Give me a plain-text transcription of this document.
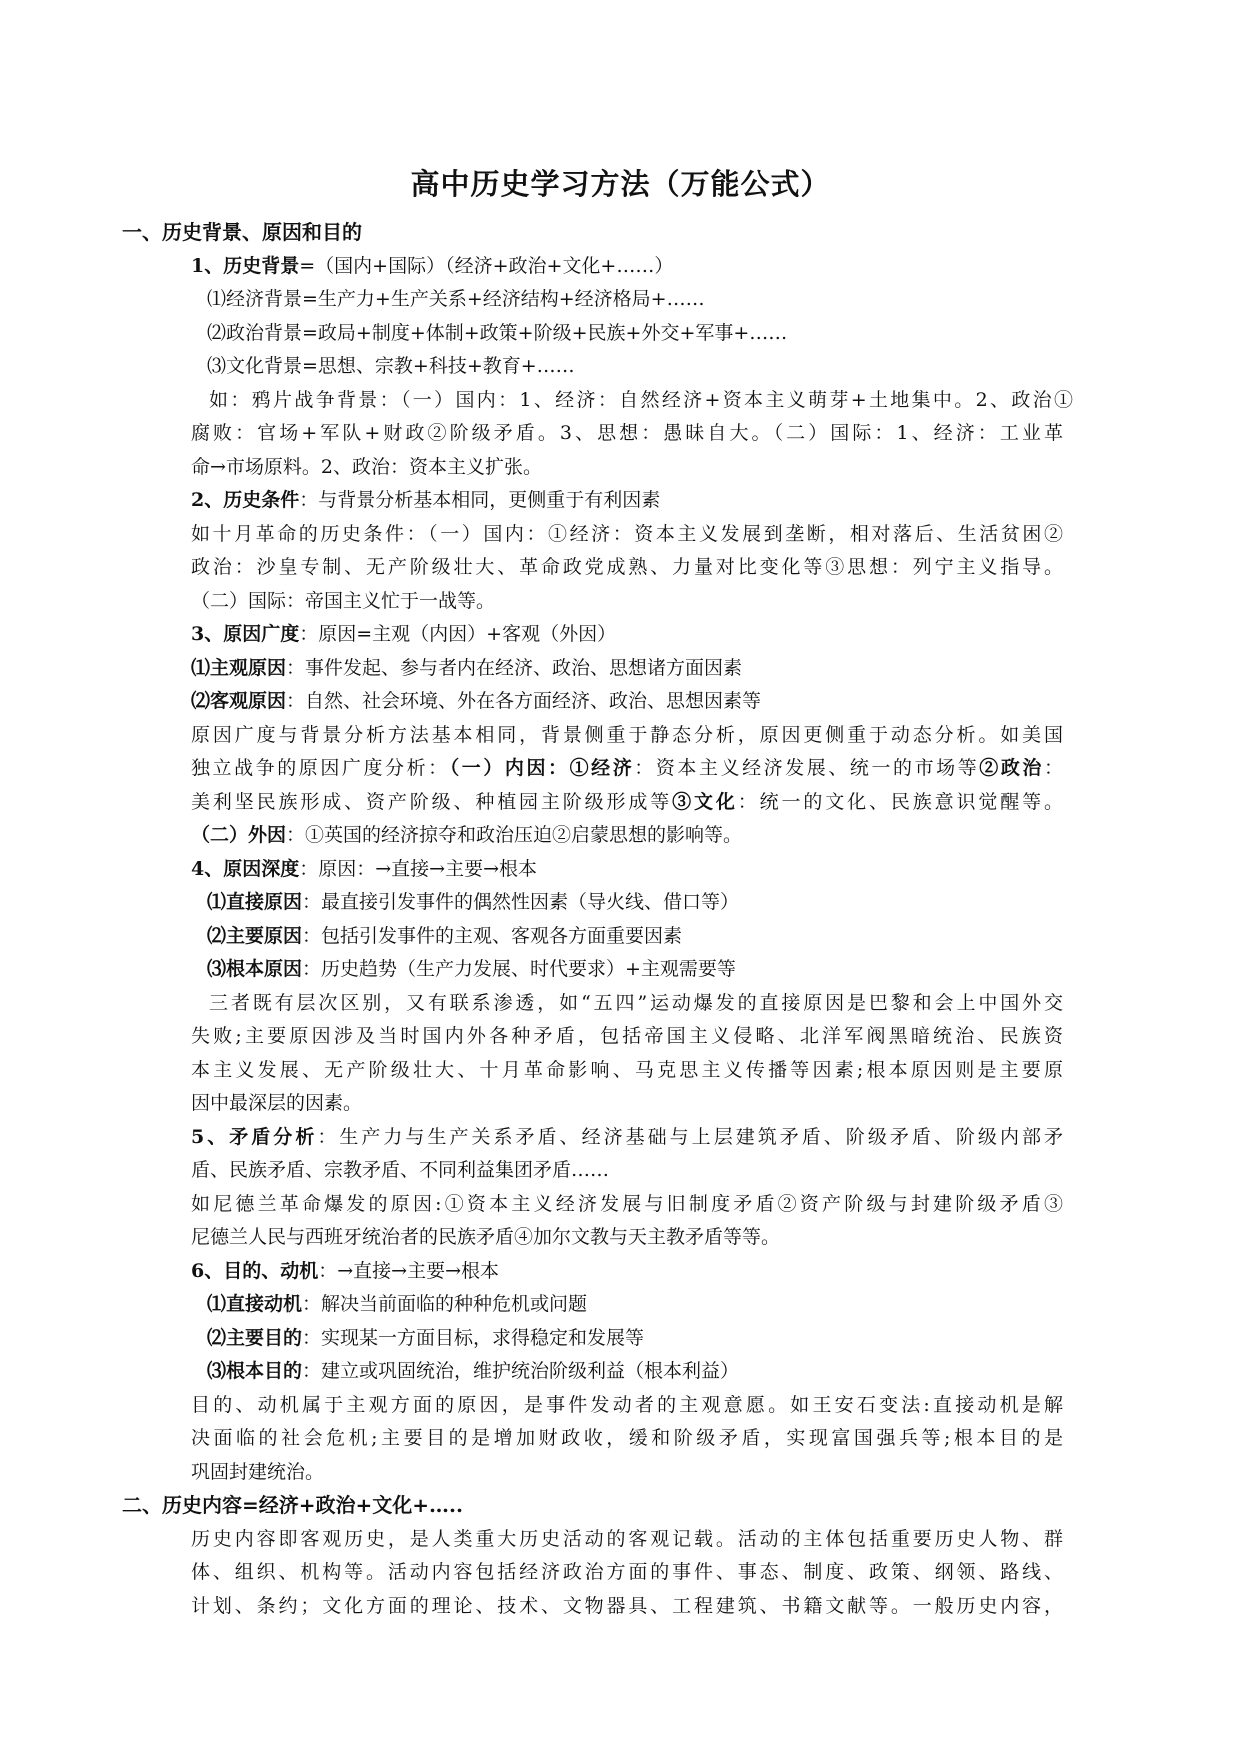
高中历史学习方法（万能公式）
一、历史背景、原因和目的
1、历史背景=（国内+国际）（经济+政治+文化+……）
⑴经济背景=生产力+生产关系+经济结构+经济格局+……
⑵政治背景=政局+制度+体制+政策+阶级+民族+外交+军事+……
⑶文化背景=思想、宗教+科技+教育+……
如：鸦片战争背景：（一）国内：1、经济：自然经济+资本主义萌芽+土地集中。2、政治①
腐败：官场+军队+财政②阶级矛盾。3、思想：愚昧自大。（二）国际：1、经济：工业革
命→市场原料。2、政治：资本主义扩张。
2、历史条件：与背景分析基本相同，更侧重于有利因素
如十月革命的历史条件：（一）国内：①经济：资本主义发展到垄断，相对落后、生活贫困②
政治：沙皇专制、无产阶级壮大、革命政党成熟、力量对比变化等③思想：列宁主义指导。
（二）国际：帝国主义忙于一战等。
3、原因广度：原因=主观（内因）+客观（外因）
⑴主观原因：事件发起、参与者内在经济、政治、思想诸方面因素
⑵客观原因：自然、社会环境、外在各方面经济、政治、思想因素等
原因广度与背景分析方法基本相同，背景侧重于静态分析，原因更侧重于动态分析。如美国
独立战争的原因广度分析：（一）内因：①经济：资本主义经济发展、统一的市场等②政治：
美利坚民族形成、资产阶级、种植园主阶级形成等③文化：统一的文化、民族意识觉醒等。
（二）外因：①英国的经济掠夺和政治压迫②启蒙思想的影响等。
4、原因深度：原因：→直接→主要→根本
⑴直接原因：最直接引发事件的偶然性因素（导火线、借口等）
⑵主要原因：包括引发事件的主观、客观各方面重要因素
⑶根本原因：历史趋势（生产力发展、时代要求）+主观需要等
三者既有层次区别，又有联系渗透，如“五四”运动爆发的直接原因是巴黎和会上中国外交
失败;主要原因涉及当时国内外各种矛盾，包括帝国主义侵略、北洋军阀黑暗统治、民族资
本主义发展、无产阶级壮大、十月革命影响、马克思主义传播等因素;根本原因则是主要原
因中最深层的因素。
5、矛盾分析：生产力与生产关系矛盾、经济基础与上层建筑矛盾、阶级矛盾、阶级内部矛
盾、民族矛盾、宗教矛盾、不同利益集团矛盾……
如尼德兰革命爆发的原因:①资本主义经济发展与旧制度矛盾②资产阶级与封建阶级矛盾③
尼德兰人民与西班牙统治者的民族矛盾④加尔文教与天主教矛盾等等。
6、目的、动机：→直接→主要→根本
⑴直接动机：解决当前面临的种种危机或问题
⑵主要目的：实现某一方面目标，求得稳定和发展等
⑶根本目的：建立或巩固统治，维护统治阶级利益（根本利益）
目的、动机属于主观方面的原因，是事件发动者的主观意愿。如王安石变法:直接动机是解
决面临的社会危机;主要目的是增加财政收，缓和阶级矛盾，实现富国强兵等;根本目的是
巩固封建统治。
二、历史内容=经济+政治+文化+…..
历史内容即客观历史，是人类重大历史活动的客观记载。活动的主体包括重要历史人物、群
体、组织、机构等。活动内容包括经济政治方面的事件、事态、制度、政策、纲领、路线、
计划、条约；文化方面的理论、技术、文物器具、工程建筑、书籍文献等。一般历史内容，
